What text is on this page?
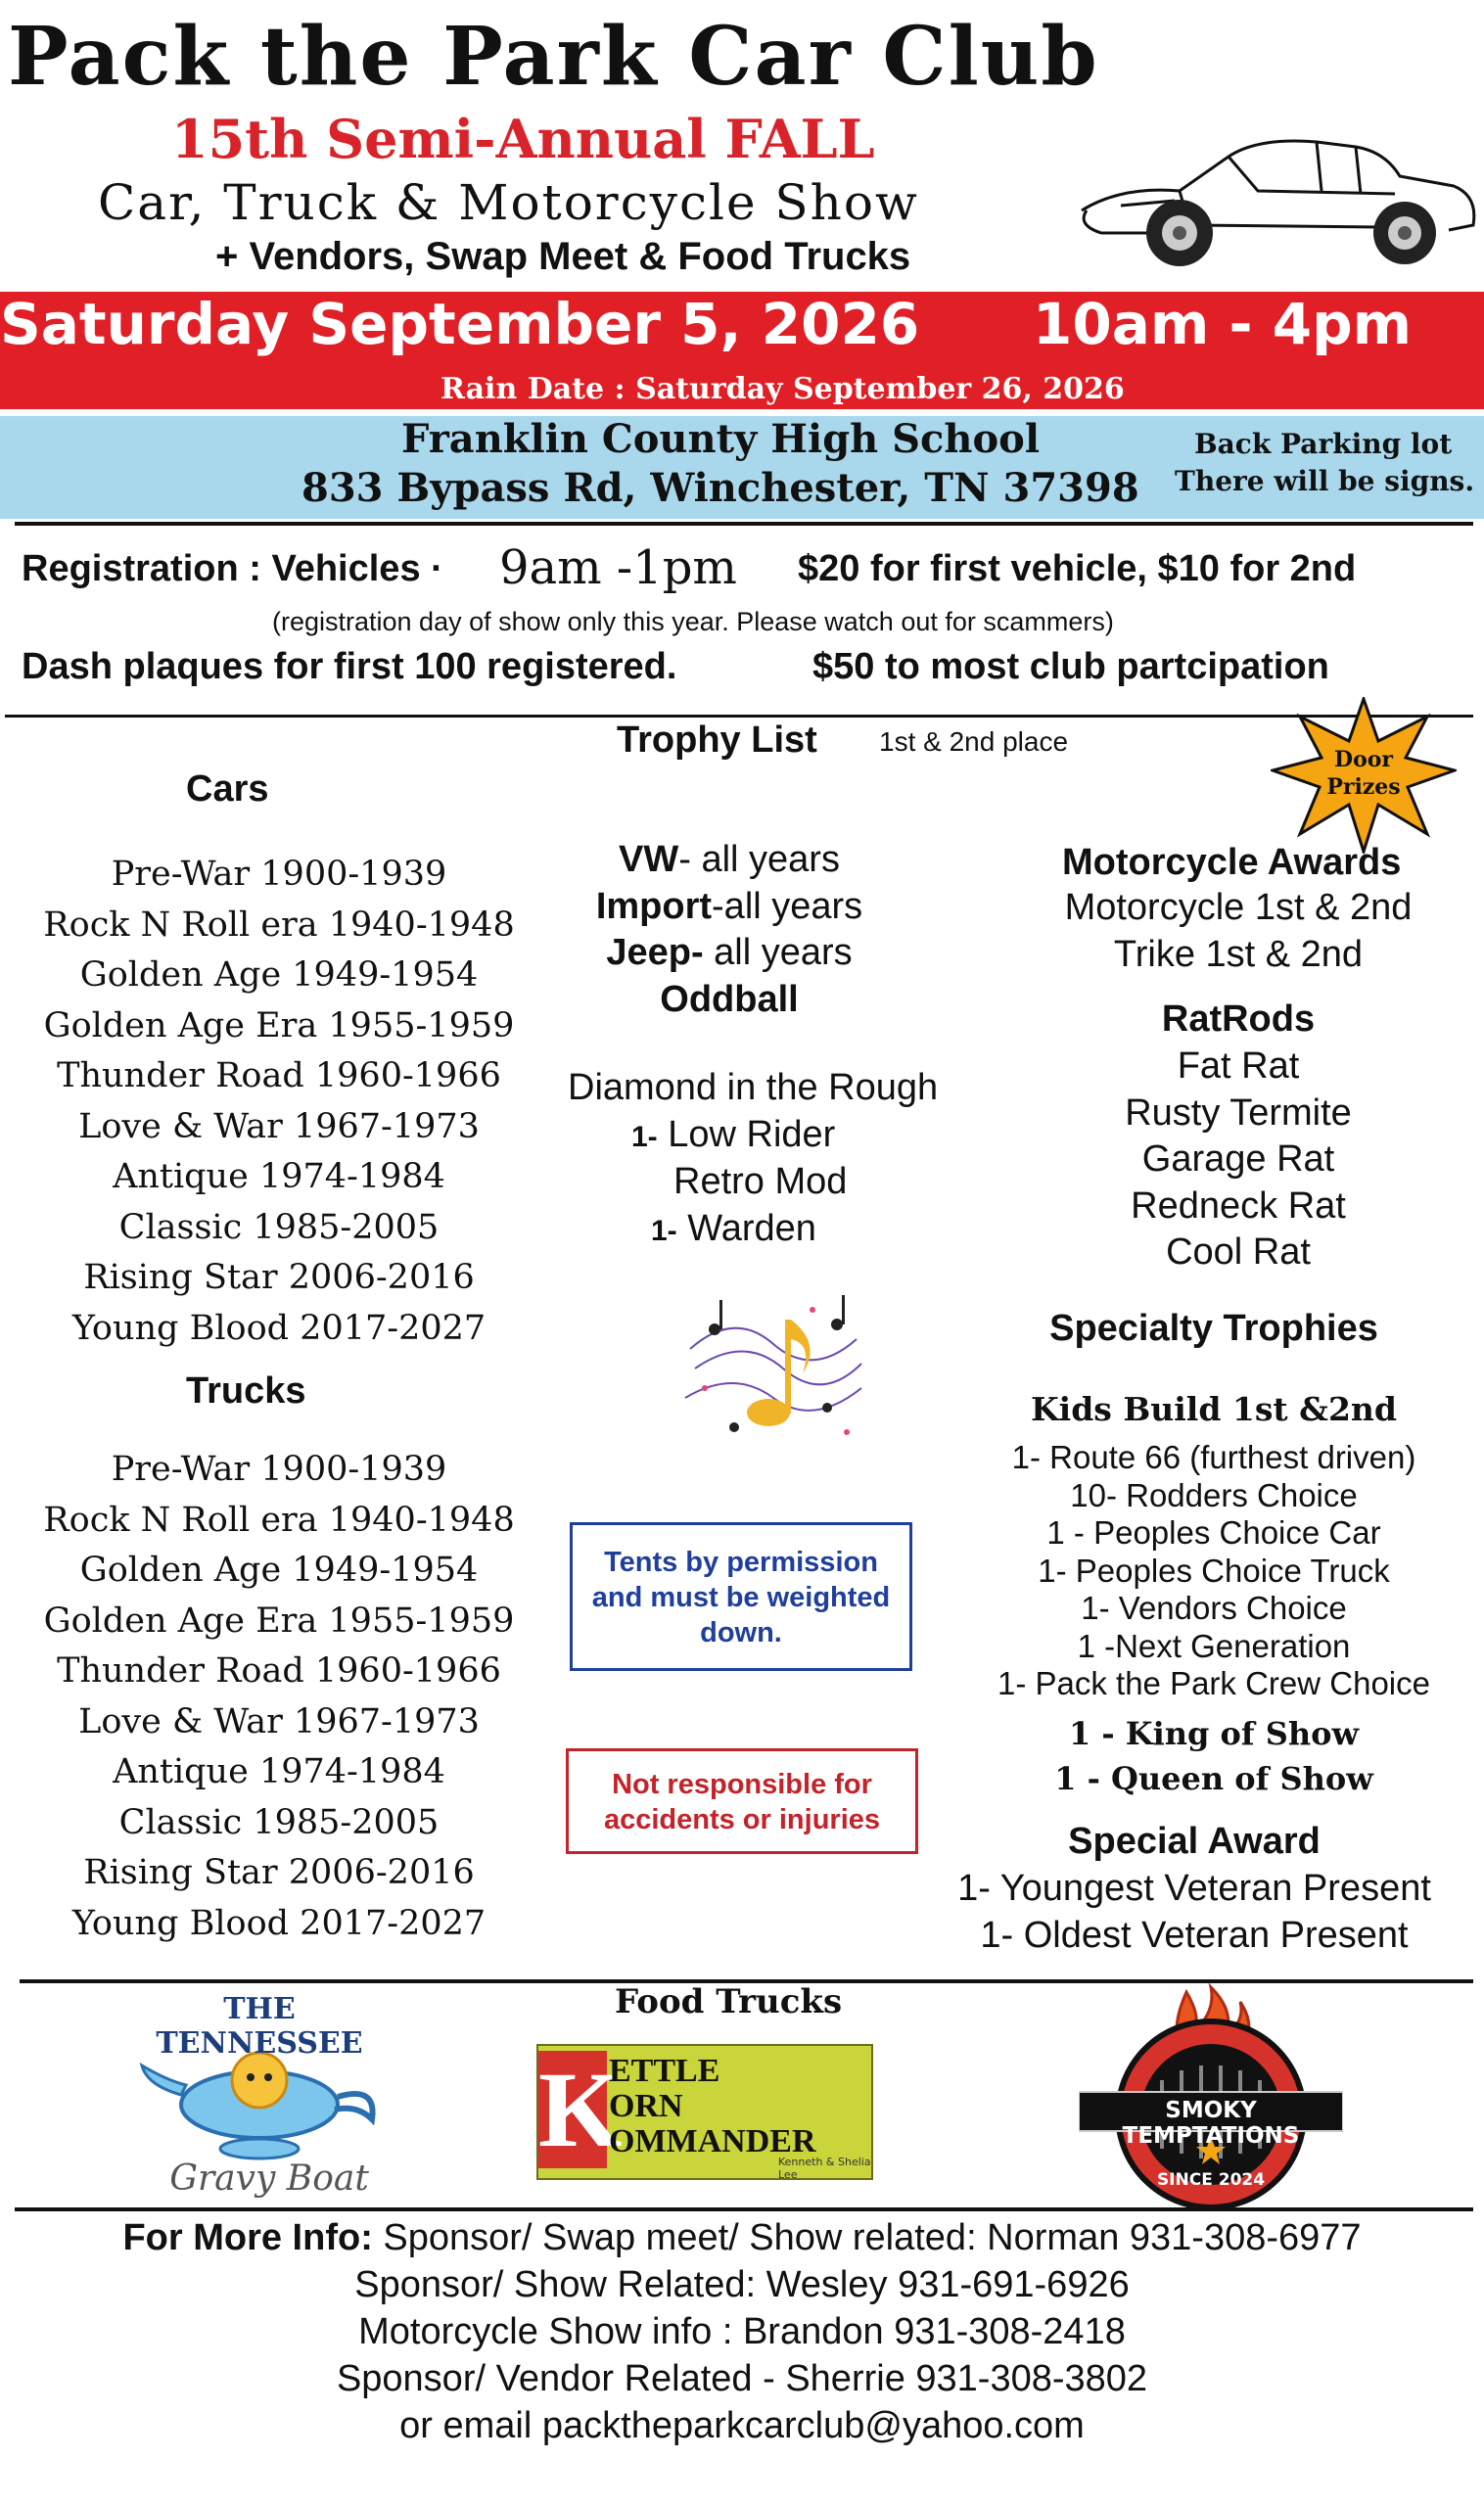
Pack the Park Car Club
15th Semi-Annual FALL
Car, Truck & Motorcycle Show
+ Vendors, Swap Meet & Food Trucks
Saturday September 5, 2026 10am - 4pm
Rain Date : Saturday September 26, 2026
Franklin County High School
833 Bypass Rd, Winchester, TN 37398
Back Parking lot
There will be signs.
Registration : Vehicles · 9am -1pm $20 for first vehicle, $10 for 2nd
(registration day of show only this year. Please watch out for scammers)
Dash plaques for first 100 registered.	$50 to most club partcipation
Trophy List 1st & 2nd place
Door
Prizes
Cars
Pre-War 1900-1939
Rock N Roll era 1940-1948
Golden Age 1949-1954
Golden Age Era 1955-1959
Thunder Road 1960-1966
Love & War 1967-1973
Antique 1974-1984
Classic 1985-2005
Rising Star 2006-2016
Young Blood 2017-2027
Trucks
Pre-War 1900-1939
Rock N Roll era 1940-1948
Golden Age 1949-1954
Golden Age Era 1955-1959
Thunder Road 1960-1966
Love & War 1967-1973
Antique 1974-1984
Classic 1985-2005
Rising Star 2006-2016
Young Blood 2017-2027
VW- all years
Import-all years
Jeep- all years
Oddball
Diamond in the Rough
1- Low Rider
Retro Mod
1- Warden
Tents by permission and must be weighted down.
Not responsible for accidents or injuries
Motorcycle Awards
Motorcycle 1st & 2nd
Trike 1st & 2nd
RatRods
Fat Rat
Rusty Termite
Garage Rat
Redneck Rat
Cool Rat
Specialty Trophies
Kids Build 1st &2nd
1- Route 66 (furthest driven)
10- Rodders Choice
1 - Peoples Choice Car
1- Peoples Choice Truck
1- Vendors Choice
1 -Next Generation
1- Pack the Park Crew Choice
1 - King of Show
1 - Queen of Show
Special Award
1- Youngest Veteran Present
1- Oldest Veteran Present
Food Trucks
THE TENNESSEE
Gravy Boat
K
ETTLE
ORN
OMMANDER
Kenneth & Shelia Lee
SMOKY TEMPTATIONS
SINCE 2024
For More Info: Sponsor/ Swap meet/ Show related: Norman 931-308-6977
Sponsor/ Show Related: Wesley 931-691-6926
Motorcycle Show info : Brandon 931-308-2418
Sponsor/ Vendor Related - Sherrie 931-308-3802
or email packtheparkcarclub@yahoo.com
